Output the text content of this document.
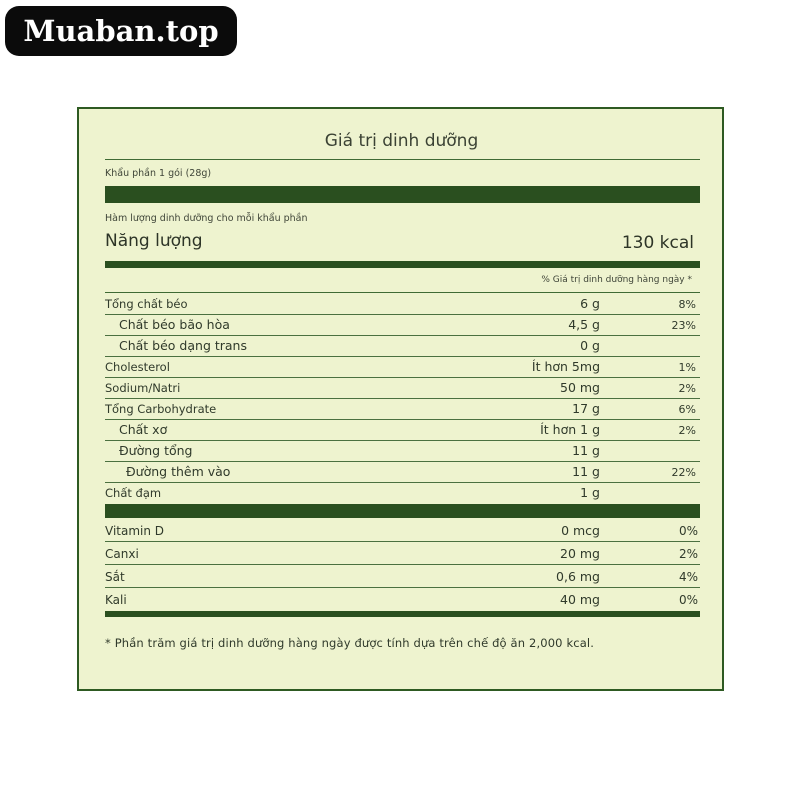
Muaban.top
Giá trị dinh dưỡng
Khẩu phần 1 gói (28g)
Hàm lượng dinh dưỡng cho mỗi khẩu phần
Năng lượng	130 kcal
% Giá trị dinh dưỡng hàng ngày *
Tổng chất béo	6 g	8%
Chất béo bão hòa	4,5 g	23%
Chất béo dạng trans	0 g
Cholesterol	Ít hơn 5mg	1%
Sodium/Natri	50 mg	2%
Tổng Carbohydrate	17 g	6%
Chất xơ	Ít hơn 1 g	2%
Đường tổng	11 g
Đường thêm vào	11 g	22%
Chất đạm	1 g
Vitamin D	0 mcg	0%
Canxi	20 mg	2%
Sắt	0,6 mg	4%
Kali	40 mg	0%
* Phần trăm giá trị dinh dưỡng hàng ngày được tính dựa trên chế độ ăn 2,000 kcal.
